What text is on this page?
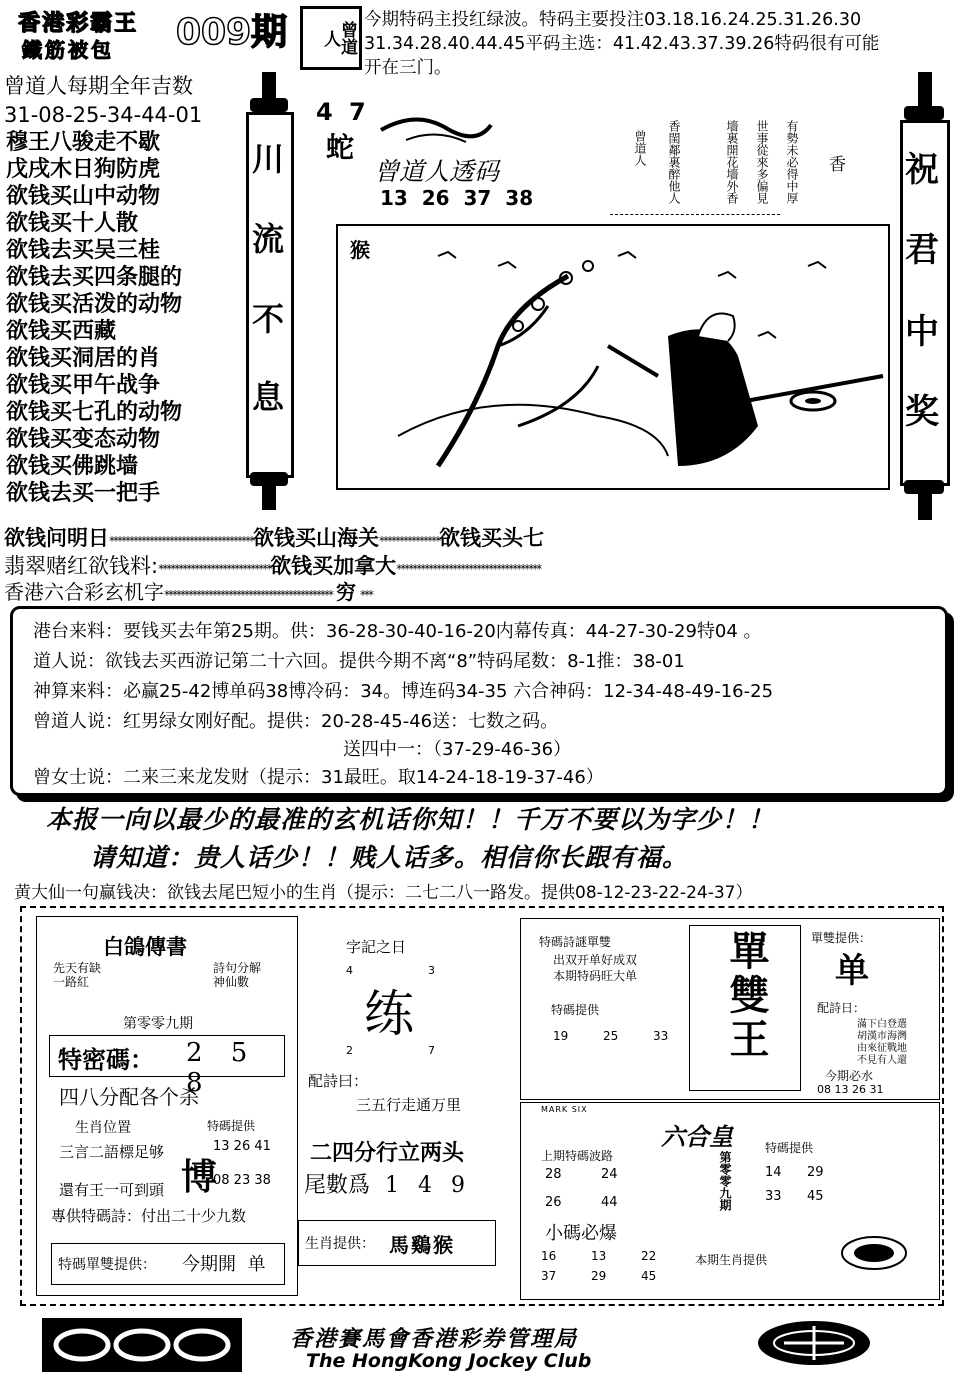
香港彩霸王
鐵筋被包 009期	曾道人
今期特码主投红绿波。特码主要投注03.18.16.24.25.31.26.30
31.34.28.40.44.45平码主选：41.42.43.37.39.26特码很有可能
开在三门。
曾道人每期全年吉数
31-08-25-34-44-01
穆王八骏走不歇
戊戌木日狗防虎
欲钱买山中动物
欲钱买十人散
欲钱去买吴三桂
欲钱去买四条腿的
欲钱买活泼的动物
欲钱买西藏
欲钱买洞居的肖
欲钱买甲午战争
欲钱买七孔的动物
欲钱买变态动物
欲钱买佛跳墙
欲钱去买一把手
川
流
不
息
4 7
蛇
曾道人透码
13  26  37  38
香
有勢未必得中厚
世事從來多偏見
墻裏開花墻外香
香閨鄰裏醉他人
曾道人
猴
祝
君
中
奖
欲钱问明日************************************欲钱买山海关***************欲钱买头七
翡翠赌红欲钱料:****************************欲钱买加拿大************************************
香港六合彩玄机字****************************************** 穷 ***
港台来料：要钱买去年第25期。供：36-28-30-40-16-20内幕传真：44-27-30-29特04 。
道人说：欲钱去买西游记第二十六回。提供今期不离“8”特码尾数：8-1推：38-01
神算来料：必赢25-42博单码38博冷码：34。博连码34-35 六合神码：12-34-48-49-16-25
曾道人说：红男绿女刚好配。提供：20-28-45-46送：七数之码。
送四中一：（37-29-46-36）
曾女士说：二来三来龙发财（提示：31最旺。取14-24-18-19-37-46）
本报一向以最少的最准的玄机话你知！！千万不要以为字少！！
请知道：贵人话少！！贱人话多。相信你长跟有福。
黄大仙一句赢钱决：欲钱去尾巴短小的生肖（提示：二七二八一路发。提供08-12-23-22-24-37）
白鴿傳書
先天有缺
一路紅
詩句分解
神仙數
第零零九期
特密碼： 2 5 8
四八分配各个杀
生肖位置
三言二語標足够
還有王一可到頭
特碼提供
博
13 26 41
08 23 38
專供特碼詩：付出二十少九数
特碼單雙提供： 今期開  单
字記之日
4	3
练
2	7
配詩曰：
三五行走通万里
二四分行立两头
尾數爲 1 4 9
生肖提供： 馬鷄猴
特碼詩謎單雙
出双开单好成双
本期特码旺大单
特碼提供
19	25	33 單雙王	單雙提供：
单
配詩日：
滿下白登選
胡漢市海灣
由來征戰地
不見有人還
今期必水
08 13 26 31
MARK SIX
六合皇
上期特碼波路
特碼提供
28	24
26	44	第零零九期	14 29
33 45
小碼必爆
16	13	22
37	29	45
本期生肖提供
香港賽馬會香港彩券管理局
The HongKong Jockey Club
